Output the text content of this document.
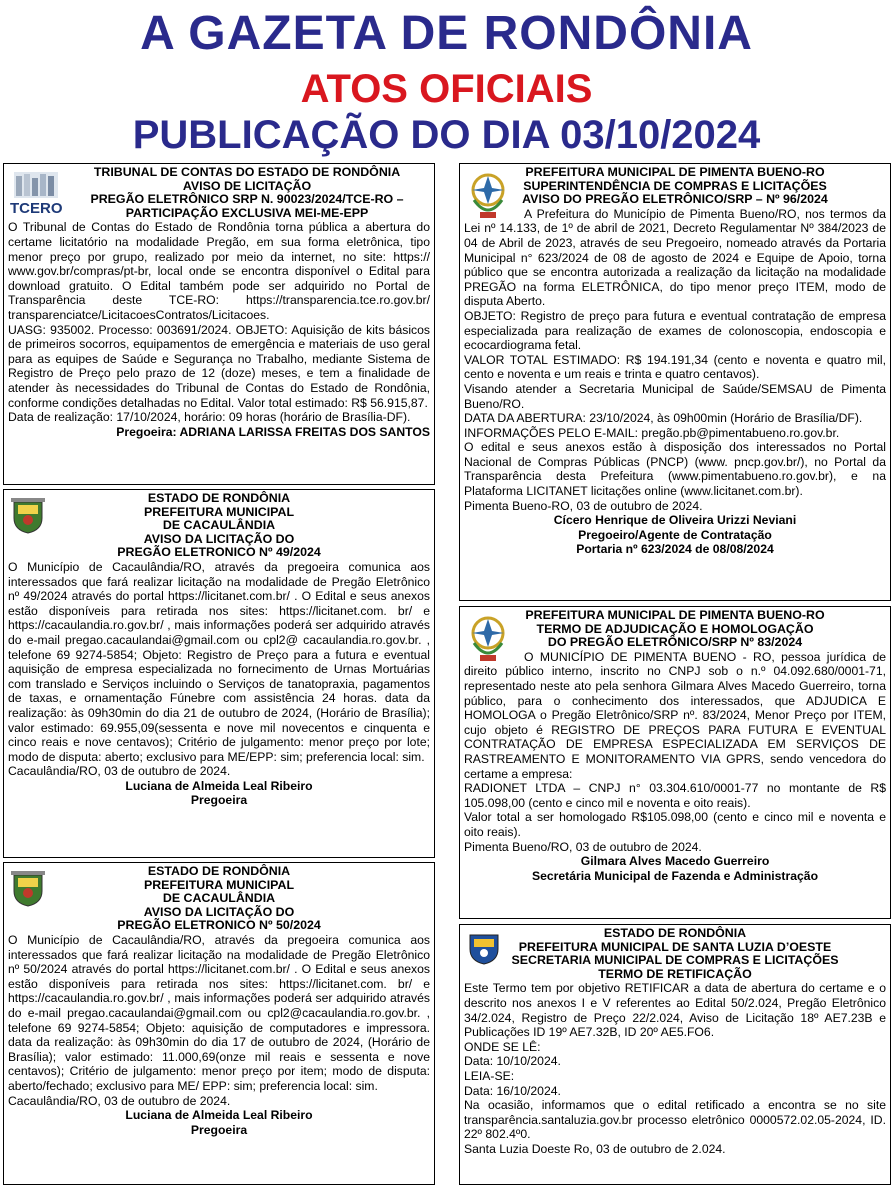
A GAZETA DE RONDÔNIA
ATOS OFICIAIS
PUBLICAÇÃO DO DIA 03/10/2024
TCERO
TRIBUNAL DE CONTAS DO ESTADO DE RONDÔNIA
AVISO DE LICITAÇÃO
PREGÃO ELETRÔNICO SRP N. 90023/2024/TCE-RO –
PARTICIPAÇÃO EXCLUSIVA MEI-ME-EPP

O Tribunal de Contas do Estado de Rondônia torna pública a abertura do certame licitatório na modalidade Pregão, em sua forma eletrônica, tipo menor preço por grupo, realizado por meio da internet, no site: https:// www.gov.br/compras/pt-br, local onde se encontra disponível o Edital para download gratuito. O Edital também pode ser adquirido no Portal de Transparência deste TCE-RO: https://transparencia.tce.ro.gov.br/ transparenciatce/LicitacoesContratos/Licitacoes.

UASG: 935002. Processo: 003691/2024. OBJETO: Aquisição de kits básicos de primeiros socorros, equipamentos de emergência e materiais de uso geral para as equipes de Saúde e Segurança no Trabalho, mediante Sistema de Registro de Preço pelo prazo de 12 (doze) meses, e tem a finalidade de atender às necessidades do Tribunal de Contas do Estado de Rondônia, conforme condições detalhadas no Edital. Valor total estimado: R$ 56.915,87.

Data de realização: 17/10/2024, horário: 09 horas (horário de Brasília-DF).

Pregoeira: ADRIANA LARISSA FREITAS DOS SANTOS
ESTADO DE RONDÔNIA
PREFEITURA MUNICIPAL
DE CACAULÂNDIA
AVISO DA LICITAÇÃO DO
PREGÃO ELETRONICO Nº 49/2024

O Município de Cacaulândia/RO, através da pregoeira comunica aos interessados que fará realizar licitação na modalidade de Pregão Eletrônico nº 49/2024 através do portal https://licitanet.com.br/ . O Edital e seus anexos estão disponíveis para retirada nos sites: https://licitanet.com. br/ e https://cacaulandia.ro.gov.br/ , mais informações poderá ser adquirido através do e-mail pregao.cacaulandai@gmail.com ou cpl2@ cacaulandia.ro.gov.br. , telefone 69 9274-5854; Objeto: Registro de Preço para a futura e eventual aquisição de empresa especializada no fornecimento de Urnas Mortuárias com translado e Serviços incluindo o Serviços de tanatopraxia, pagamentos de taxas, e ornamentação Fúnebre com assistência 24 horas. data da realização: às 09h30min do dia 21 de outubro de 2024, (Horário de Brasília); valor estimado: 69.955,09(sessenta e nove mil novecentos e cinquenta e cinco reais e nove centavos); Critério de julgamento: menor preço por lote; modo de disputa: aberto; exclusivo para ME/EPP: sim; preferencia local: sim.

Cacaulândia/RO, 03 de outubro de 2024.

Luciana de Almeida Leal Ribeiro
Pregoeira
ESTADO DE RONDÔNIA
PREFEITURA MUNICIPAL
DE CACAULÂNDIA
AVISO DA LICITAÇÃO DO
PREGÃO ELETRONICO Nº 50/2024

O Município de Cacaulândia/RO, através da pregoeira comunica aos interessados que fará realizar licitação na modalidade de Pregão Eletrônico nº 50/2024 através do portal https://licitanet.com.br/ . O Edital e seus anexos estão disponíveis para retirada nos sites: https://licitanet.com. br/ e https://cacaulandia.ro.gov.br/ , mais informações poderá ser adquirido através do e-mail pregao.cacaulandai@gmail.com ou cpl2@cacaulandia.ro.gov.br. , telefone 69 9274-5854; Objeto: aquisição de computadores e impressora. data da realização: às 09h30min do dia 17 de outubro de 2024, (Horário de Brasília); valor estimado: 11.000,69(onze mil reais e sessenta e nove centavos); Critério de julgamento: menor preço por item; modo de disputa: aberto/fechado; exclusivo para ME/ EPP: sim; preferencia local: sim.

Cacaulândia/RO, 03 de outubro de 2024.

Luciana de Almeida Leal Ribeiro
Pregoeira
PREFEITURA MUNICIPAL DE PIMENTA BUENO-RO
SUPERINTENDÊNCIA DE COMPRAS E LICITAÇÕES
AVISO DO PREGÃO ELETRÔNICO/SRP – Nº 96/2024

A Prefeitura do Município de Pimenta Bueno/RO, nos termos da Lei nº 14.133, de 1º de abril de 2021, Decreto Regulamentar Nº 384/2023 de 04 de Abril de 2023, através de seu Pregoeiro, nomeado através da Portaria Municipal n° 623/2024 de 08 de agosto de 2024 e Equipe de Apoio, torna público que se encontra autorizada a realização da licitação na modalidade PREGÃO na forma ELETRÔNICA, do tipo menor preço ITEM, modo de disputa Aberto.

OBJETO: Registro de preço para futura e eventual contratação de empresa especializada para realização de exames de colonoscopia, endoscopia e ecocardiograma fetal.

VALOR TOTAL ESTIMADO: R$ 194.191,34 (cento e noventa e quatro mil, cento e noventa e um reais e trinta e quatro centavos).

Visando atender a Secretaria Municipal de Saúde/SEMSAU de Pimenta Bueno/RO.

DATA DA ABERTURA: 23/10/2024, às 09h00min (Horário de Brasília/DF).

INFORMAÇÕES PELO E-MAIL: pregão.pb@pimentabueno.ro.gov.br.

O edital e seus anexos estão à disposição dos interessados no Portal Nacional de Compras Públicas (PNCP) (www. pncp.gov.br/), no Portal da Transparência desta Prefeitura (www.pimentabueno.ro.gov.br), e na Plataforma LICITANET licitações online (www.licitanet.com.br).

Pimenta Bueno-RO, 03 de outubro de 2024.

Cícero Henrique de Oliveira Urizzi Neviani
Pregoeiro/Agente de Contratação
Portaria nº 623/2024 de 08/08/2024
PREFEITURA MUNICIPAL DE PIMENTA BUENO-RO
TERMO DE ADJUDICAÇÃO E HOMOLOGAÇÃO
DO PREGÃO ELETRÔNICO/SRP Nº 83/2024

O MUNICÍPIO DE PIMENTA BUENO - RO, pessoa jurídica de direito público interno, inscrito no CNPJ sob o n.º 04.092.680/0001-71, representado neste ato pela senhora Gilmara Alves Macedo Guerreiro, torna público, para o conhecimento dos interessados, que ADJUDICA E HOMOLOGA o Pregão Eletrônico/SRP nº. 83/2024, Menor Preço por ITEM, cujo objeto é REGISTRO DE PREÇOS PARA FUTURA E EVENTUAL CONTRATAÇÃO DE EMPRESA ESPECIALIZADA EM SERVIÇOS DE RASTREAMENTO E MONITORAMENTO VIA GPRS, sendo vencedora do certame a empresa:

RADIONET LTDA – CNPJ n° 03.304.610/0001-77 no montante de R$ 105.098,00 (cento e cinco mil e noventa e oito reais).

Valor total a ser homologado R$105.098,00 (cento e cinco mil e noventa e oito reais).

Pimenta Bueno/RO, 03 de outubro de 2024.

Gilmara Alves Macedo Guerreiro
Secretária Municipal de Fazenda e Administração
ESTADO DE RONDÔNIA
PREFEITURA MUNICIPAL DE SANTA LUZIA D’OESTE
SECRETARIA MUNICIPAL DE COMPRAS E LICITAÇÕES
TERMO DE RETIFICAÇÃO

Este Termo tem por objetivo RETIFICAR a data de abertura do certame e o descrito nos anexos I e V referentes ao Edital 50/2.024, Pregão Eletrônico 34/2.024, Registro de Preço 22/2.024, Aviso de Licitação 18º AE7.23B e Publicações ID 19º AE7.32B, ID 20º AE5.FO6.

ONDE SE LÊ:

Data: 10/10/2024.

LEIA-SE:

Data: 16/10/2024.

Na ocasião, informamos que o edital retificado a encontra se no site transparência.santaluzia.gov.br processo eletrônico 0000572.02.05-2024, ID. 22º 802.4º0.

Santa Luzia Doeste Ro, 03 de outubro de 2.024.
